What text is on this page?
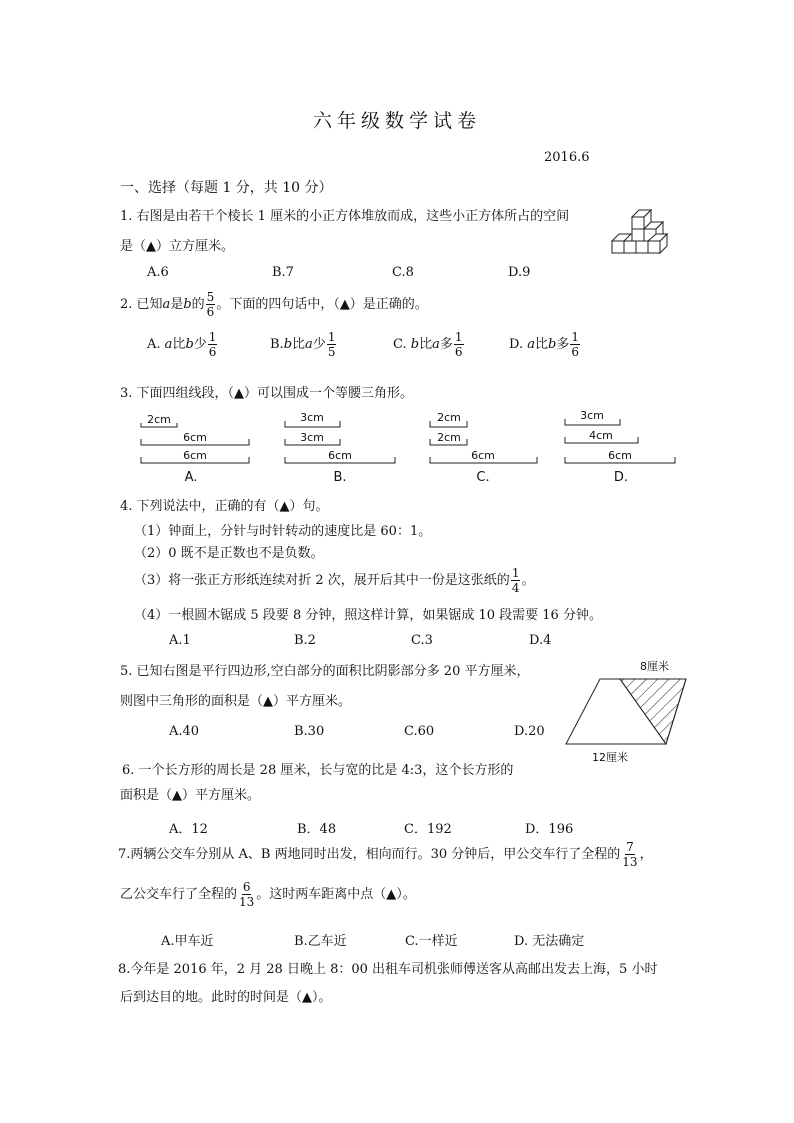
六年级数学试卷
2016.6
一、选择（每题 1 分，共 10 分）
1. 右图是由若干个棱长 1 厘米的小正方体堆放而成，这些小正方体所占的空间
是（▲）立方厘米。
A.6	B.7	C.8	D.9
2. 已知a是b的 $\frac{5}{6}$ 。下面的四句话中，（▲）是正确的。
A. a比b少 $\frac{1}{6}$	B.b比a少 $\frac{1}{5}$	C. b比a多 $\frac{1}{6}$	D. a比b多 $\frac{1}{6}$
3. 下面四组线段，（▲）可以围成一个等腰三角形。
2cm
6cm
6cm
A.
3cm
3cm
6cm
B.
2cm
2cm
6cm
C.
3cm
4cm
6cm
D.
4. 下列说法中，正确的有（▲）句。
（1）钟面上，分针与时针转动的速度比是 60：1。
（2）0 既不是正数也不是负数。
（3）将一张正方形纸连续对折 2 次，展开后其中一份是这张纸的 $\frac{1}{4}$ 。
（4）一根圆木锯成 5 段要 8 分钟，照这样计算，如果锯成 10 段需要 16 分钟。
A.1	B.2	C.3	D.4
5. 已知右图是平行四边形,空白部分的面积比阴影部分多 20 平方厘米，
则图中三角形的面积是（▲）平方厘米。
A.40	B.30	C.60	D.20
8厘米
12厘米
6. 一个长方形的周长是 28 厘米，长与宽的比是 4:3，这个长方形的
面积是（▲）平方厘米。
A．12	B．48	C．192	D．196
7.两辆公交车分别从 A、B 两地同时出发，相向而行。30 分钟后，甲公交车行了全程的 $\frac{7}{13}$ ，
乙公交车行了全程的 $\frac{6}{13}$ 。这时两车距离中点（▲）。
A.甲车近	B.乙车近	C.一样近	D. 无法确定
8.今年是 2016 年，2 月 28 日晚上 8：00 出租车司机张师傅送客从高邮出发去上海，5 小时
后到达目的地。此时的时间是（▲）。
